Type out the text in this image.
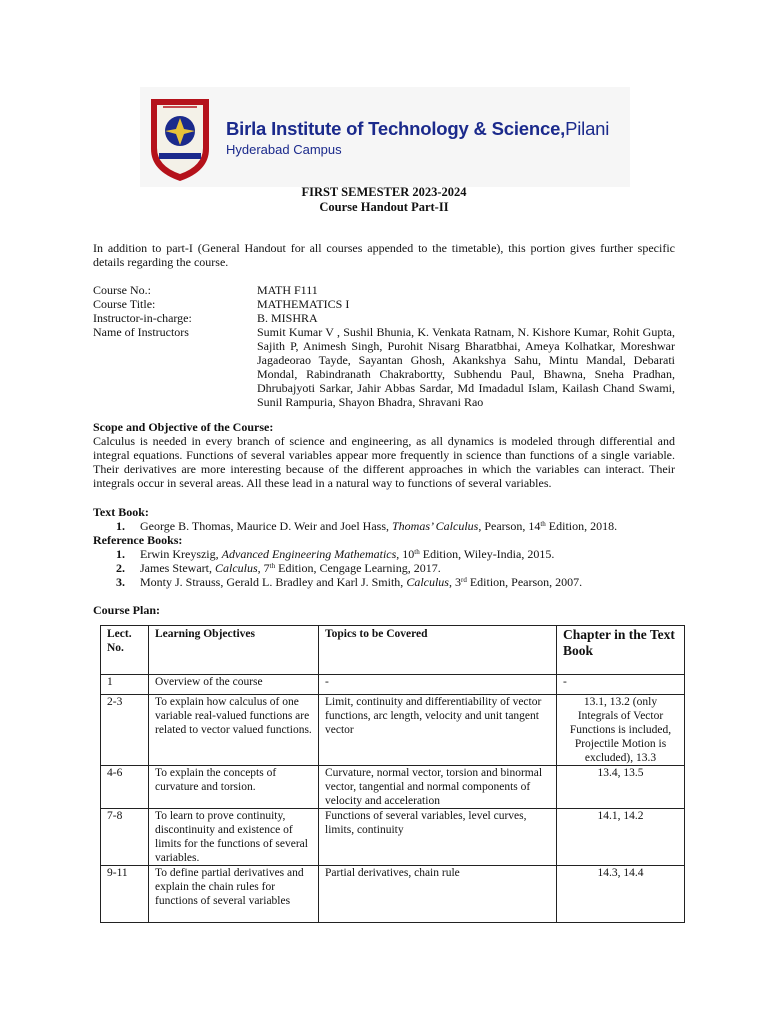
Birla Institute of Technology & Science,Pilani
Hyderabad Campus
FIRST SEMESTER 2023-2024
Course Handout Part-II
In addition to part-I (General Handout for all courses appended to the timetable), this portion gives further specific details regarding the course.
Course No.:	MATH F111
Course Title:	MATHEMATICS I
Instructor-in-charge:	B. MISHRA
Name of Instructors	Sumit Kumar V , Sushil Bhunia, K. Venkata Ratnam, N. Kishore Kumar, Rohit Gupta, Sajith P, Animesh Singh, Purohit Nisarg Bharatbhai, Ameya Kolhatkar, Moreshwar Jagadeorao Tayde, Sayantan Ghosh, Akankshya Sahu, Mintu Mandal, Debarati Mondal, Rabindranath Chakrabortty, Subhendu Paul, Bhawna, Sneha Pradhan, Dhrubajyoti Sarkar, Jahir Abbas Sardar, Md Imadadul Islam, Kailash Chand Swami, Sunil Rampuria, Shayon Bhadra, Shravani Rao
Scope and Objective of the Course:
Calculus is needed in every branch of science and engineering, as all dynamics is modeled through differential and integral equations. Functions of several variables appear more frequently in science than functions of a single variable. Their derivatives are more interesting because of the different approaches in which the variables can interact. Their integrals occur in several areas. All these lead in a natural way to functions of several variables.
Text Book:
1. George B. Thomas, Maurice D. Weir and Joel Hass, Thomas’ Calculus, Pearson, 14th Edition, 2018.
Reference Books:
1. Erwin Kreyszig, Advanced Engineering Mathematics, 10th Edition, Wiley-India, 2015.
2. James Stewart, Calculus, 7th Edition, Cengage Learning, 2017.
3. Monty J. Strauss, Gerald L. Bradley and Karl J. Smith, Calculus, 3rd Edition, Pearson, 2007.
Course Plan:
Lect. No.	Learning Objectives	Topics to be Covered	Chapter in the Text Book
1	Overview of the course	-	-
2-3	To explain how calculus of one variable real-valued functions are related to vector valued functions.	Limit, continuity and differentiability of vector functions, arc length, velocity and unit tangent vector	13.1, 13.2 (only Integrals of Vector Functions is included, Projectile Motion is excluded), 13.3
4-6	To explain the concepts of curvature and torsion.	Curvature, normal vector, torsion and binormal vector, tangential and normal components of velocity and acceleration	13.4, 13.5
7-8	To learn to prove continuity, discontinuity and existence of limits for the functions of several variables.	Functions of several variables, level curves, limits, continuity	14.1, 14.2
9-11	To define partial derivatives and explain the chain rules for functions of several variables	Partial derivatives, chain rule	14.3, 14.4
